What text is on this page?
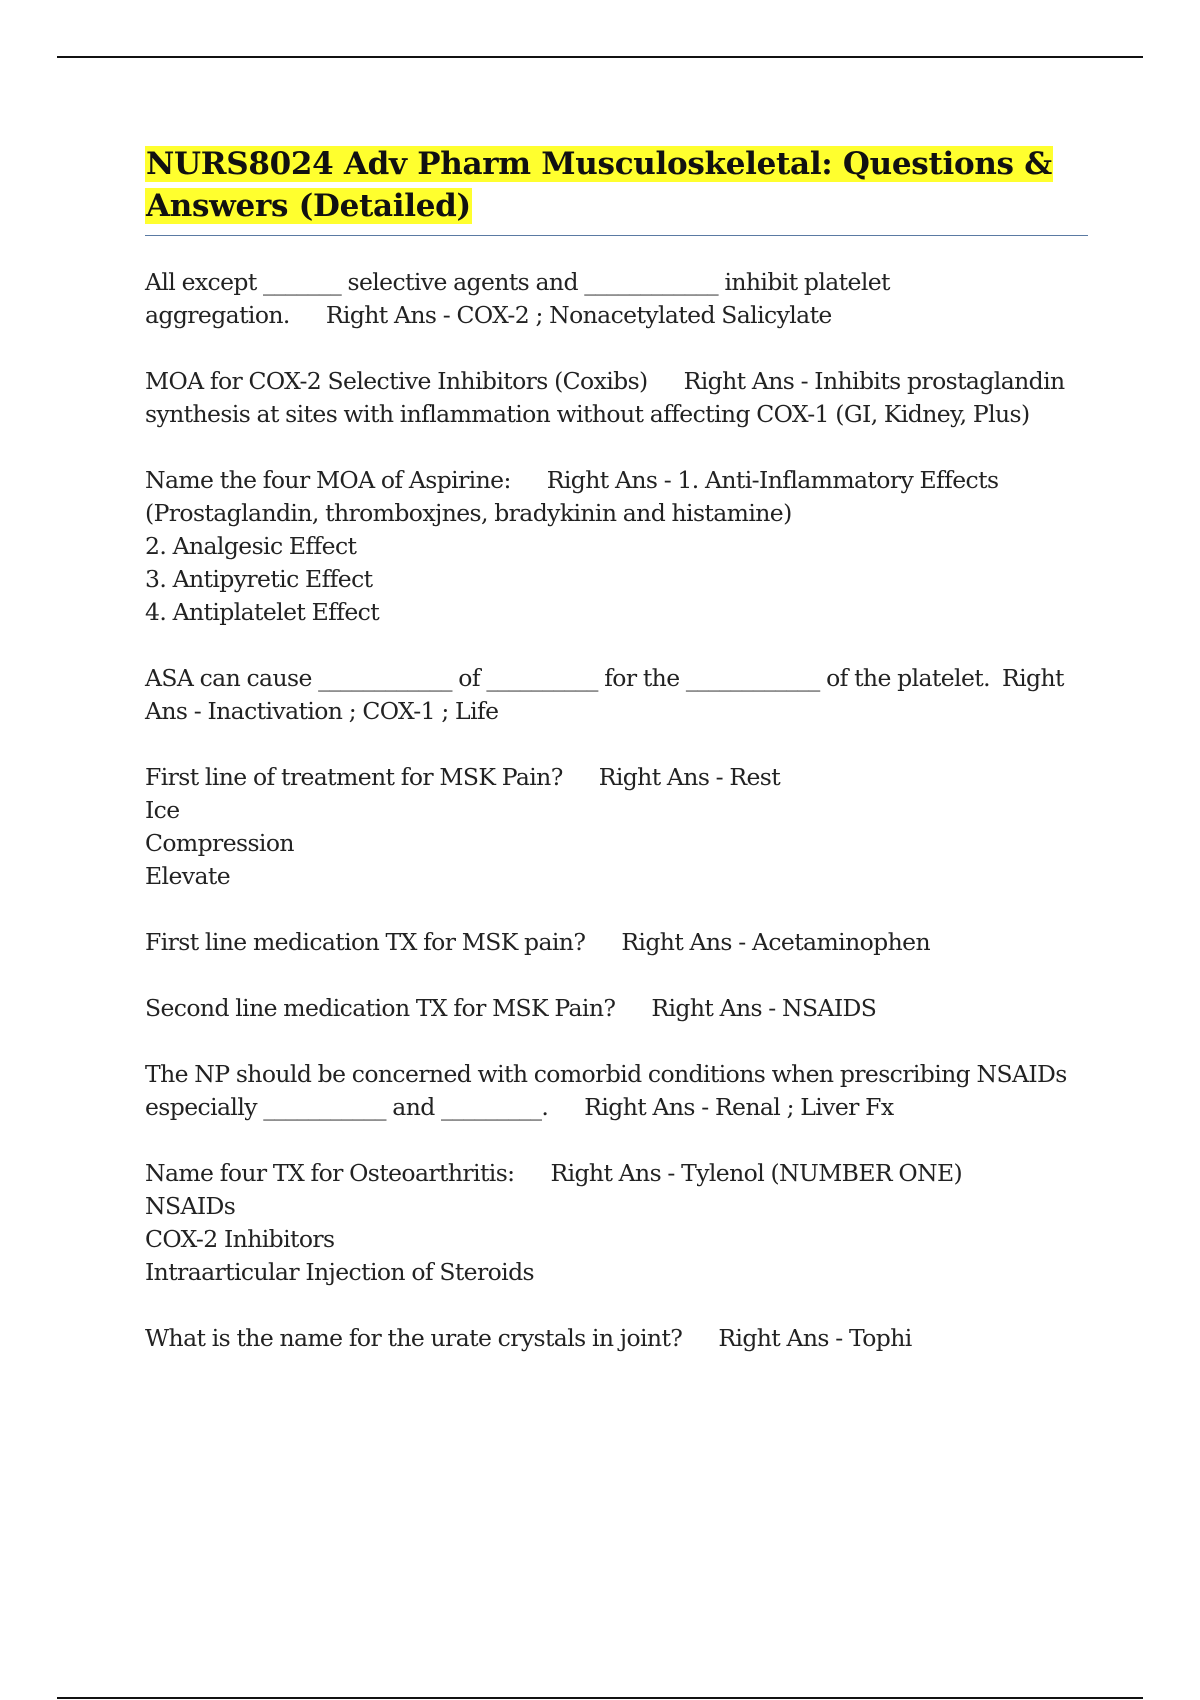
NURS8024 Adv Pharm Musculoskeletal: Questions & Answers (Detailed)
All except _______ selective agents and ____________ inhibit platelet aggregation. Right Ans - COX-2 ; Nonacetylated Salicylate
MOA for COX-2 Selective Inhibitors (Coxibs) Right Ans - Inhibits prostaglandin synthesis at sites with inflammation without affecting COX-1 (GI, Kidney, Plus)
Name the four MOA of Aspirine: Right Ans - 1. Anti-Inflammatory Effects (Prostaglandin, thromboxjnes, bradykinin and histamine)
2. Analgesic Effect
3. Antipyretic Effect
4. Antiplatelet Effect
ASA can cause ____________ of __________ for the ____________ of the platelet. Right Ans - Inactivation ; COX-1 ; Life
First line of treatment for MSK Pain? Right Ans - Rest
Ice
Compression
Elevate
First line medication TX for MSK pain? Right Ans - Acetaminophen
Second line medication TX for MSK Pain? Right Ans - NSAIDS
The NP should be concerned with comorbid conditions when prescribing NSAIDs especially ___________ and _________. Right Ans - Renal ; Liver Fx
Name four TX for Osteoarthritis: Right Ans - Tylenol (NUMBER ONE)
NSAIDs
COX-2 Inhibitors
Intraarticular Injection of Steroids
What is the name for the urate crystals in joint? Right Ans - Tophi
